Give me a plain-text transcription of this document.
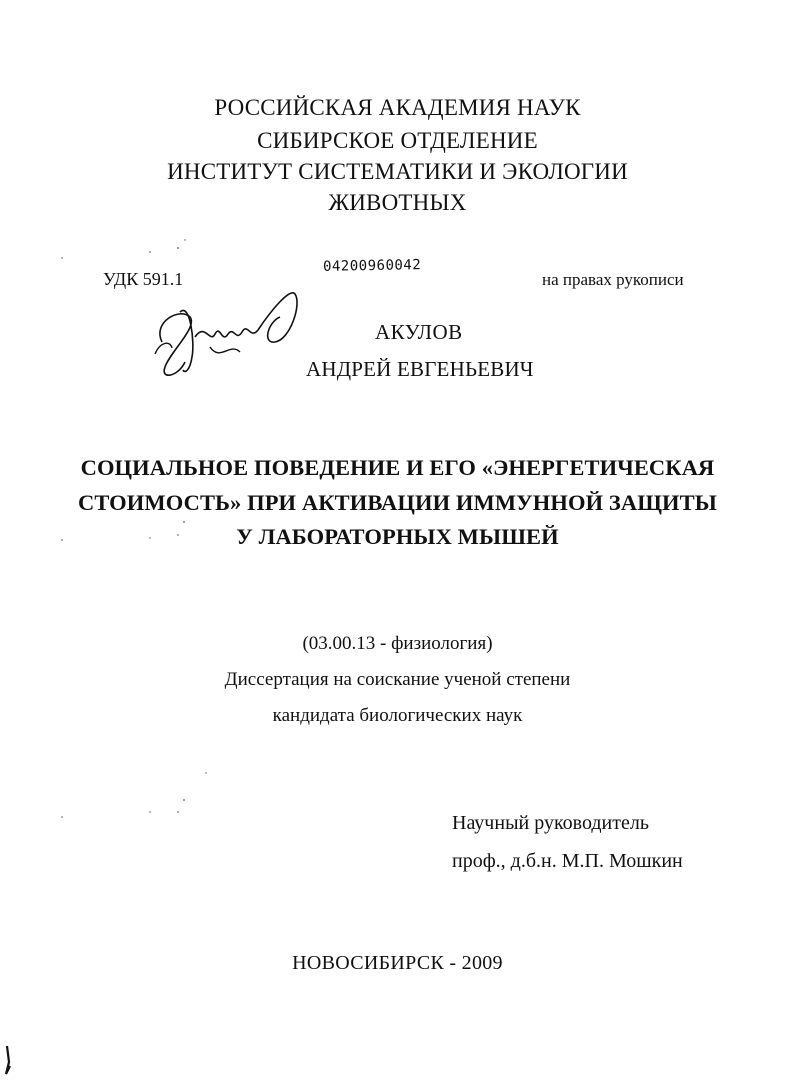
РОССИЙСКАЯ АКАДЕМИЯ НАУК
СИБИРСКОЕ ОТДЕЛЕНИЕ
ИНСТИТУТ СИСТЕМАТИКИ И ЭКОЛОГИИ
ЖИВОТНЫХ
УДК 591.1
04200960042
на правах рукописи
АКУЛОВ
АНДРЕЙ ЕВГЕНЬЕВИЧ
СОЦИАЛЬНОЕ ПОВЕДЕНИЕ И ЕГО «ЭНЕРГЕТИЧЕСКАЯ
СТОИМОСТЬ» ПРИ АКТИВАЦИИ ИММУННОЙ ЗАЩИТЫ
У ЛАБОРАТОРНЫХ МЫШЕЙ
(03.00.13 - физиология)
Диссертация на соискание ученой степени
кандидата биологических наук
Научный руководитель
проф., д.б.н. М.П. Мошкин
НОВОСИБИРСК - 2009
